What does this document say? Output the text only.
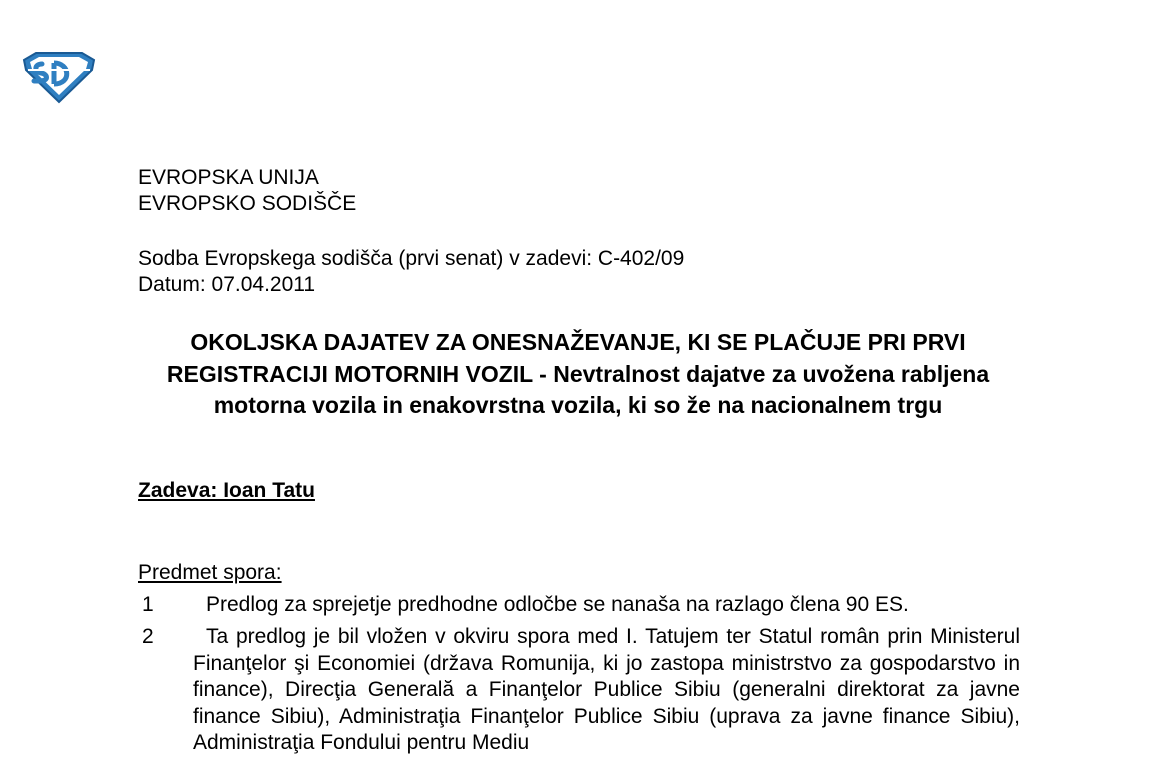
EVROPSKA UNIJA
EVROPSKO SODIŠČE
Sodba Evropskega sodišča (prvi senat) v zadevi: C-402/09
Datum: 07.04.2011
OKOLJSKA DAJATEV ZA ONESNAŽEVANJE, KI SE PLAČUJE PRI PRVI REGISTRACIJI MOTORNIH VOZIL - Nevtralnost dajatve za uvožena rabljena motorna vozila in enakovrstna vozila, ki so že na nacionalnem trgu
Zadeva: Ioan Tatu
Predmet spora:
1 Predlog za sprejetje predhodne odločbe se nanaša na razlago člena 90 ES.
2	Ta predlog je bil vložen v okviru spora med I. Tatujem ter Statul român prin Ministerul Finanţelor şi Economiei (država Romunija, ki jo zastopa ministrstvo za gospodarstvo in finance), Direcţia Generală a Finanţelor Publice Sibiu (generalni direktorat za javne finance Sibiu), Administraţia Finanţelor Publice Sibiu (uprava za javne finance Sibiu), Administraţia Fondului pentru Mediu
